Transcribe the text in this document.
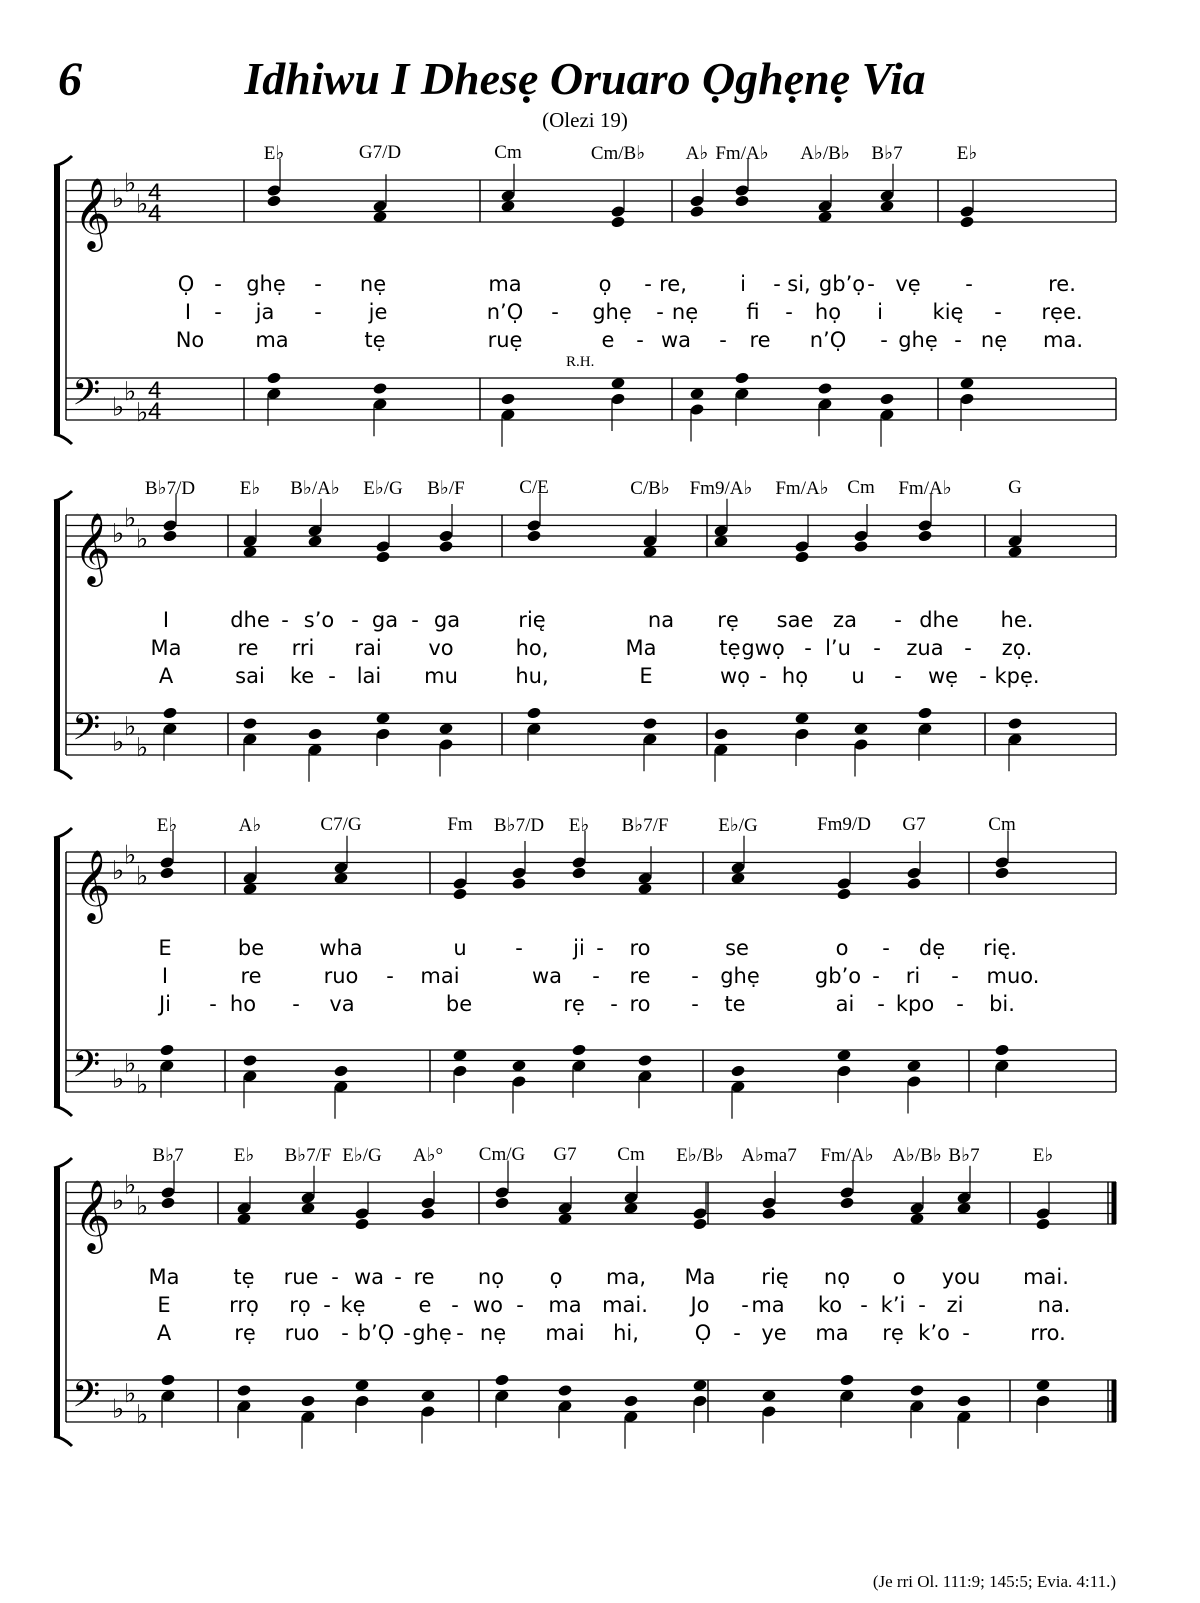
6	Idhiwu I Dhesẹ Oruaro Ọghẹnẹ Via
(Olezi 19)
E♭	G7/D	Cm	Cm/B♭ A♭ Fm/A♭ A♭/B♭ B♭7	E♭
𝄞
𝄢
♭
♭
♭
♭
♭
♭
4
4
4
4
R.H.
Ọ - ghẹ - nẹ	ma	ọ - re,	i - si, gb’ọ - vẹ -	re.
I - ja - je	n’Ọ - ghẹ - nẹ fi - họ i kię - rẹe.
No ma	tẹ	ruẹ	e - wa - re n’Ọ - ghẹ - nẹ ma.
B♭7/D E♭ B♭/A♭ E♭/G B♭/F	C/E	C/B♭ Fm9/A♭ Fm/A♭ Cm Fm/A♭	G
𝄞
𝄢
♭
♭
♭
♭
♭
♭
I	dhe - s’o - ga - ga	rię	na rẹ sae za - dhe he.
Ma	re rri rai vo	ho,	Ma	tẹ gwọ - l’u - zua - zọ.
A	sai ke - lai mu	hu,	E	wọ - họ u - wẹ - kpẹ.
E♭	A♭	C7/G	Fm B♭7/D E♭ B♭7/F	E♭/G	Fm9/D G7	Cm
𝄞
𝄢
♭
♭
♭
♭
♭
♭
E	be	wha	u - ji - ro	se	o - dẹ rię.
I	re	ruo - mai	wa - re - ghẹ	gb’o - ri - muo.
Ji - ho - va	be	rẹ - ro - te	ai - kpo - bi.
B♭7	E♭ B♭7/F E♭/G A♭° Cm/G G7 Cm E♭/B♭ A♭ma7 Fm/A♭ A♭/B♭ B♭7	E♭
𝄞
𝄢
♭
♭
♭
♭
♭
♭
Ma	tẹ rue - wa - re nọ ọ ma, Ma rię nọ o you mai.
E	rrọ rọ - kẹ	e - wo - ma mai. Jo - ma ko - k’i - zi	na.
A	rẹ ruo - b’Ọ - ghẹ - nẹ mai hi,	Ọ - ye ma rẹ k’o -	rro.
(Je rri Ol. 111:9; 145:5; Evia. 4:11.)
